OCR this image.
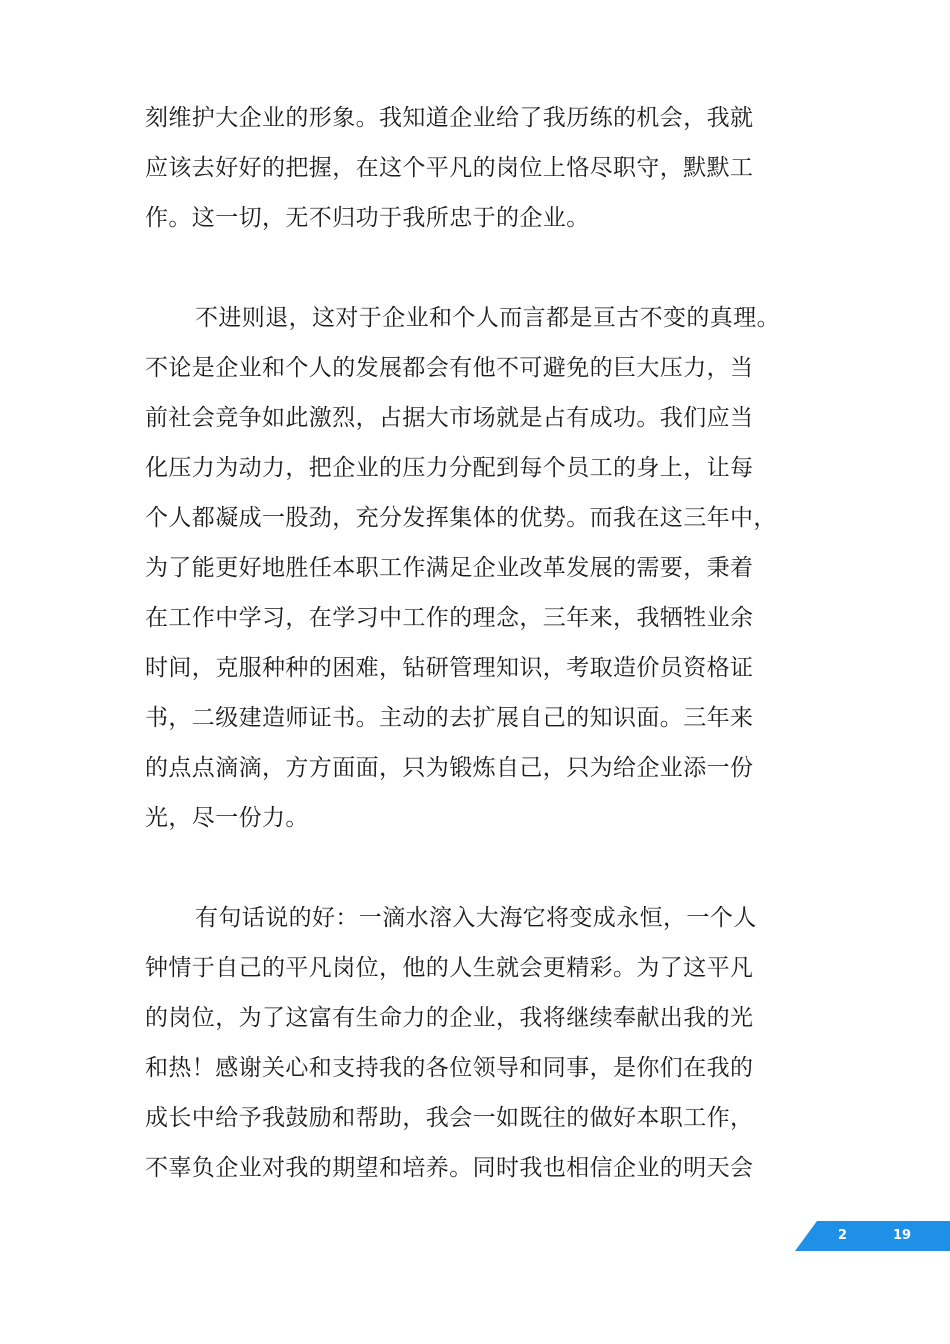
刻维护大企业的形象。我知道企业给了我历练的机会，我就
应该去好好的把握，在这个平凡的岗位上恪尽职守，默默工
作。这一切，无不归功于我所忠于的企业。

不进则退，这对于企业和个人而言都是亘古不变的真理。
不论是企业和个人的发展都会有他不可避免的巨大压力，当
前社会竞争如此激烈，占据大市场就是占有成功。我们应当
化压力为动力，把企业的压力分配到每个员工的身上，让每
个人都凝成一股劲，充分发挥集体的优势。而我在这三年中，
为了能更好地胜任本职工作满足企业改革发展的需要，秉着
在工作中学习，在学习中工作的理念，三年来，我牺牲业余
时间，克服种种的困难，钻研管理知识，考取造价员资格证
书，二级建造师证书。主动的去扩展自己的知识面。三年来
的点点滴滴，方方面面，只为锻炼自己，只为给企业添一份
光，尽一份力。

有句话说的好：一滴水溶入大海它将变成永恒，一个人
钟情于自己的平凡岗位，他的人生就会更精彩。为了这平凡
的岗位，为了这富有生命力的企业，我将继续奉献出我的光
和热！感谢关心和支持我的各位领导和同事，是你们在我的
成长中给予我鼓励和帮助，我会一如既往的做好本职工作，
不辜负企业对我的期望和培养。同时我也相信企业的明天会

2	19
